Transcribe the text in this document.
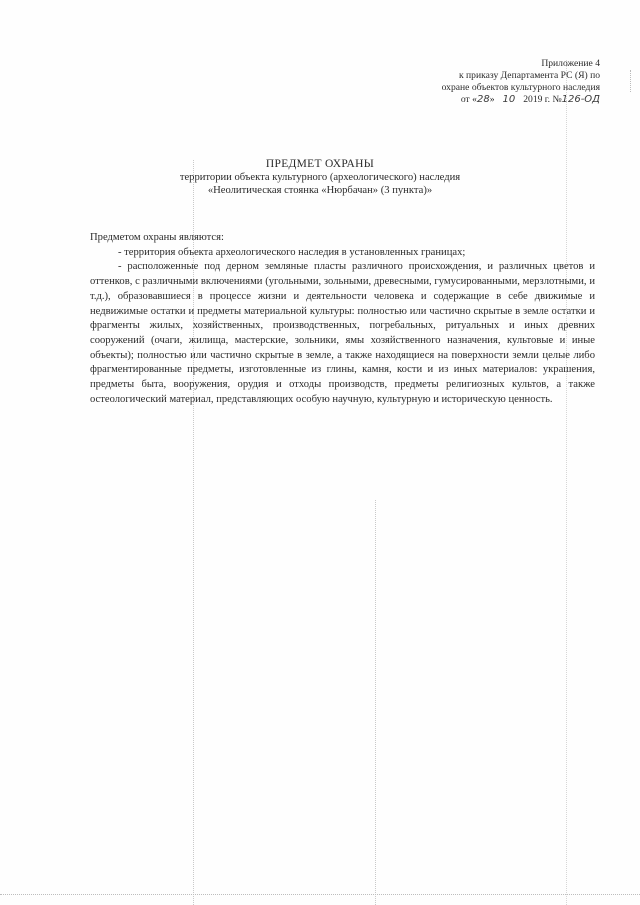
Приложение 4
к приказу Департамента РС (Я) по
охране объектов культурного наследия
от «28» 10 2019 г. №126-ОД
ПРЕДМЕТ ОХРАНЫ
территории объекта культурного (археологического) наследия
«Неолитическая стоянка «Нюрбачан» (3 пункта)»

Предметом охраны являются:

- территория объекта археологического наследия в установленных границах;

- расположенные под дерном земляные пласты различного происхождения, и различных цветов и оттенков, с различными включениями (угольными, зольными, древесными, гумусированными, мерзлотными, и т.д.), образовавшиеся в процессе жизни и деятельности человека и содержащие в себе движимые и недвижимые остатки и предметы материальной культуры: полностью или частично скрытые в земле остатки и фрагменты жилых, хозяйственных, производственных, погребальных, ритуальных и иных древних сооружений (очаги, жилища, мастерские, зольники, ямы хозяйственного назначения, культовые и иные объекты); полностью или частично скрытые в земле, а также находящиеся на поверхности земли целые либо фрагментированные предметы, изготовленные из глины, камня, кости и из иных материалов: украшения, предметы быта, вооружения, орудия и отходы производств, предметы религиозных культов, а также остеологический материал, представляющих особую научную, культурную и историческую ценность.
